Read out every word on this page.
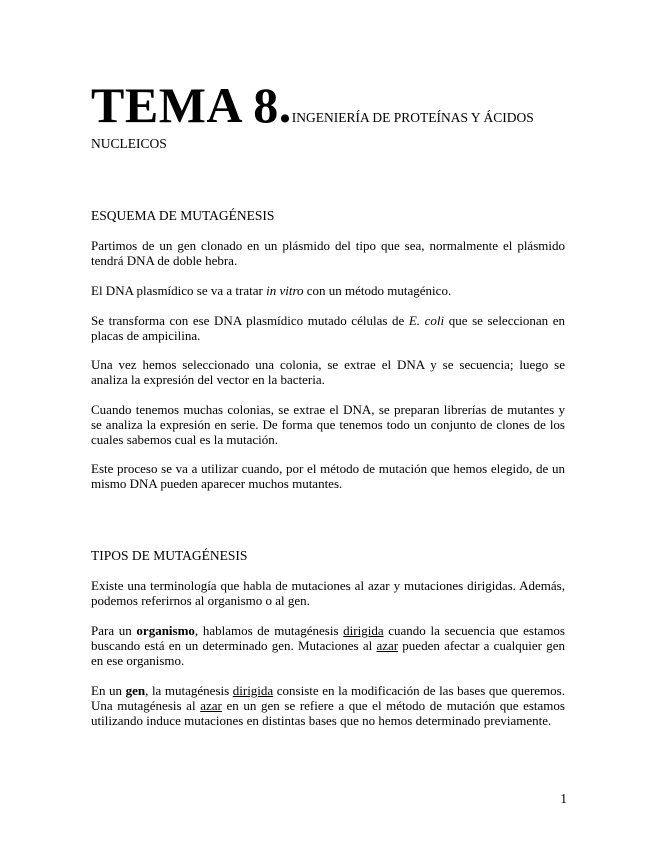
TEMA 8.INGENIERÍA DE PROTEÍNAS Y ÁCIDOS
NUCLEICOS
ESQUEMA DE MUTAGÉNESIS

Partimos de un gen clonado en un plásmido del tipo que sea, normalmente el plásmido tendrá DNA de doble hebra.

El DNA plasmídico se va a tratar in vitro con un método mutagénico.

Se transforma con ese DNA plasmídico mutado células de E. coli que se seleccionan en placas de ampicilina.

Una vez hemos seleccionado una colonia, se extrae el DNA y se secuencia; luego se analiza la expresión del vector en la bacteria.

Cuando tenemos muchas colonias, se extrae el DNA, se preparan librerías de mutantes y se analiza la expresión en serie. De forma que tenemos todo un conjunto de clones de los cuales sabemos cual es la mutación.

Este proceso se va a utilizar cuando, por el método de mutación que hemos elegido, de un mismo DNA pueden aparecer muchos mutantes.

TIPOS DE MUTAGÉNESIS

Existe una terminología que habla de mutaciones al azar y mutaciones dirigidas. Además, podemos referirnos al organismo o al gen.

Para un organismo, hablamos de mutagénesis dirigida cuando la secuencia que estamos buscando está en un determinado gen. Mutaciones al azar pueden afectar a cualquier gen en ese organismo.

En un gen, la mutagénesis dirigida consiste en la modificación de las bases que queremos. Una mutagénesis al azar en un gen se refiere a que el método de mutación que estamos utilizando induce mutaciones en distintas bases que no hemos determinado previamente.

1
